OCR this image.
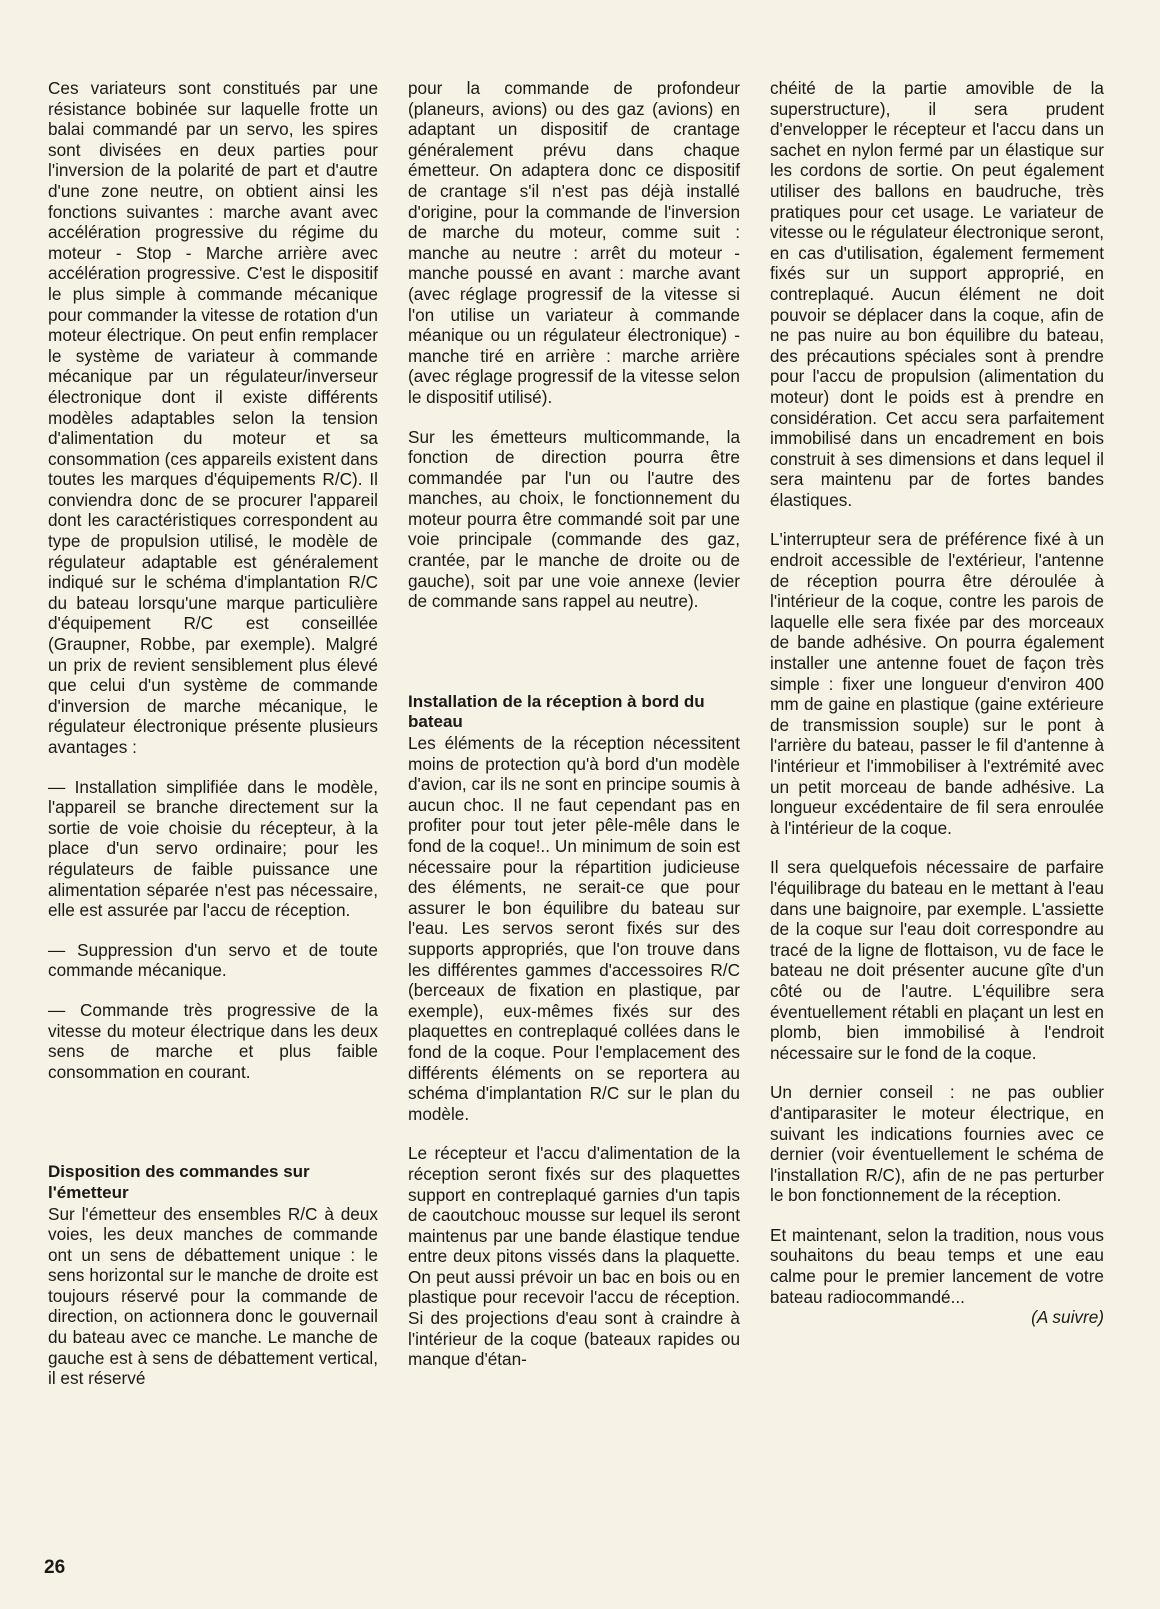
Ces variateurs sont constitués par une résistance bobinée sur laquelle frotte un balai commandé par un servo, les spires sont divisées en deux parties pour l'inversion de la polarité de part et d'autre d'une zone neutre, on obtient ainsi les fonctions suivantes : marche avant avec accélération progressive du régime du moteur - Stop - Marche arrière avec accélération progressive. C'est le dispositif le plus simple à commande mécanique pour commander la vitesse de rotation d'un moteur électrique. On peut enfin remplacer le système de variateur à commande mécanique par un régulateur/inverseur électronique dont il existe différents modèles adaptables selon la tension d'alimentation du moteur et sa consommation (ces appareils existent dans toutes les marques d'équipements R/C). Il conviendra donc de se procurer l'appareil dont les caractéristiques correspondent au type de propulsion utilisé, le modèle de régulateur adaptable est généralement indiqué sur le schéma d'implantation R/C du bateau lorsqu'une marque particulière d'équipement R/C est conseillée (Graupner, Robbe, par exemple). Malgré un prix de revient sensiblement plus élevé que celui d'un système de commande d'inversion de marche mécanique, le régulateur électronique présente plusieurs avantages :

— Installation simplifiée dans le modèle, l'appareil se branche directement sur la sortie de voie choisie du récepteur, à la place d'un servo ordinaire; pour les régulateurs de faible puissance une alimentation séparée n'est pas nécessaire, elle est assurée par l'accu de réception.

— Suppression d'un servo et de toute commande mécanique.

— Commande très progressive de la vitesse du moteur électrique dans les deux sens de marche et plus faible consommation en courant.

Disposition des commandes sur l'émetteur

Sur l'émetteur des ensembles R/C à deux voies, les deux manches de commande ont un sens de débattement unique : le sens horizontal sur le manche de droite est toujours réservé pour la commande de direction, on actionnera donc le gouvernail du bateau avec ce manche. Le manche de gauche est à sens de débattement vertical, il est réservé

pour la commande de profondeur (planeurs, avions) ou des gaz (avions) en adaptant un dispositif de crantage généralement prévu dans chaque émetteur. On adaptera donc ce dispositif de crantage s'il n'est pas déjà installé d'origine, pour la commande de l'inversion de marche du moteur, comme suit : manche au neutre : arrêt du moteur - manche poussé en avant : marche avant (avec réglage progressif de la vitesse si l'on utilise un variateur à commande méanique ou un régulateur électronique) - manche tiré en arrière : marche arrière (avec réglage progressif de la vitesse selon le dispositif utilisé).

Sur les émetteurs multicommande, la fonction de direction pourra être commandée par l'un ou l'autre des manches, au choix, le fonctionnement du moteur pourra être commandé soit par une voie principale (commande des gaz, crantée, par le manche de droite ou de gauche), soit par une voie annexe (levier de commande sans rappel au neutre).

Installation de la réception à bord du bateau

Les éléments de la réception nécessitent moins de protection qu'à bord d'un modèle d'avion, car ils ne sont en principe soumis à aucun choc. Il ne faut cependant pas en profiter pour tout jeter pêle-mêle dans le fond de la coque!.. Un minimum de soin est nécessaire pour la répartition judicieuse des éléments, ne serait-ce que pour assurer le bon équilibre du bateau sur l'eau. Les servos seront fixés sur des supports appropriés, que l'on trouve dans les différentes gammes d'accessoires R/C (berceaux de fixation en plastique, par exemple), eux-mêmes fixés sur des plaquettes en contreplaqué collées dans le fond de la coque. Pour l'emplacement des différents éléments on se reportera au schéma d'implantation R/C sur le plan du modèle.

Le récepteur et l'accu d'alimentation de la réception seront fixés sur des plaquettes support en contreplaqué garnies d'un tapis de caoutchouc mousse sur lequel ils seront maintenus par une bande élastique tendue entre deux pitons vissés dans la plaquette. On peut aussi prévoir un bac en bois ou en plastique pour recevoir l'accu de réception. Si des projections d'eau sont à craindre à l'intérieur de la coque (bateaux rapides ou manque d'étan-

chéité de la partie amovible de la superstructure), il sera prudent d'envelopper le récepteur et l'accu dans un sachet en nylon fermé par un élastique sur les cordons de sortie. On peut également utiliser des ballons en baudruche, très pratiques pour cet usage. Le variateur de vitesse ou le régulateur électronique seront, en cas d'utilisation, également fermement fixés sur un support approprié, en contreplaqué. Aucun élément ne doit pouvoir se déplacer dans la coque, afin de ne pas nuire au bon équilibre du bateau, des précautions spéciales sont à prendre pour l'accu de propulsion (alimentation du moteur) dont le poids est à prendre en considération. Cet accu sera parfaitement immobilisé dans un encadrement en bois construit à ses dimensions et dans lequel il sera maintenu par de fortes bandes élastiques.

L'interrupteur sera de préférence fixé à un endroit accessible de l'extérieur, l'antenne de réception pourra être déroulée à l'intérieur de la coque, contre les parois de laquelle elle sera fixée par des morceaux de bande adhésive. On pourra également installer une antenne fouet de façon très simple : fixer une longueur d'environ 400 mm de gaine en plastique (gaine extérieure de transmission souple) sur le pont à l'arrière du bateau, passer le fil d'antenne à l'intérieur et l'immobiliser à l'extrémité avec un petit morceau de bande adhésive. La longueur excédentaire de fil sera enroulée à l'intérieur de la coque.

Il sera quelquefois nécessaire de parfaire l'équilibrage du bateau en le mettant à l'eau dans une baignoire, par exemple. L'assiette de la coque sur l'eau doit correspondre au tracé de la ligne de flottaison, vu de face le bateau ne doit présenter aucune gîte d'un côté ou de l'autre. L'équilibre sera éventuellement rétabli en plaçant un lest en plomb, bien immobilisé à l'endroit nécessaire sur le fond de la coque.

Un dernier conseil : ne pas oublier d'antiparasiter le moteur électrique, en suivant les indications fournies avec ce dernier (voir éventuellement le schéma de l'installation R/C), afin de ne pas perturber le bon fonctionnement de la réception.

Et maintenant, selon la tradition, nous vous souhaitons du beau temps et une eau calme pour le premier lancement de votre bateau radiocommandé...

(A suivre)

26
